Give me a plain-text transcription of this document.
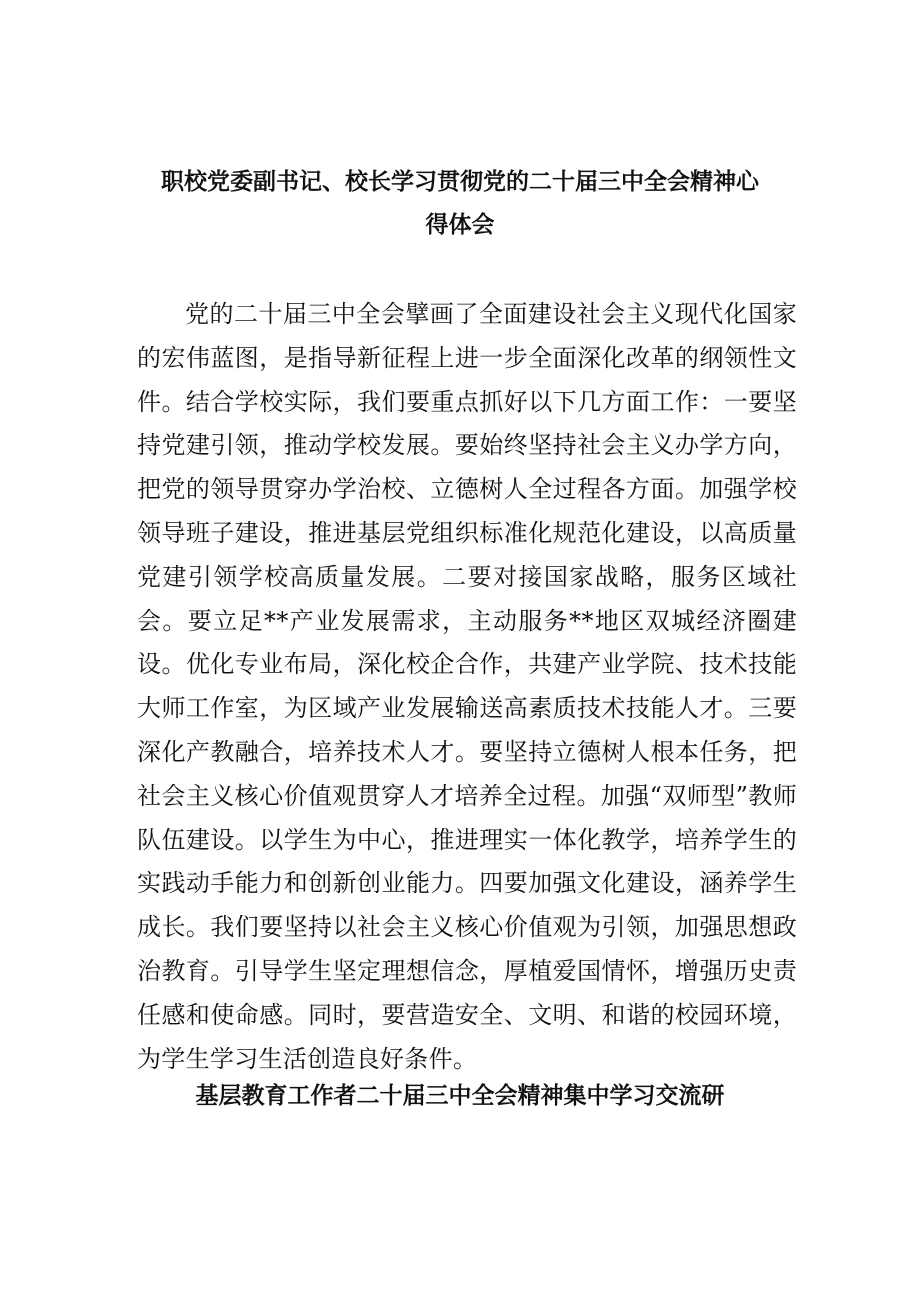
职校党委副书记、校长学习贯彻党的二十届三中全会精神心
得体会

党的二十届三中全会擘画了全面建设社会主义现代化国家的宏伟蓝图，是指导新征程上进一步全面深化改革的纲领性文件。结合学校实际，我们要重点抓好以下几方面工作：一要坚持党建引领，推动学校发展。要始终坚持社会主义办学方向，把党的领导贯穿办学治校、立德树人全过程各方面。加强学校领导班子建设，推进基层党组织标准化规范化建设，以高质量党建引领学校高质量发展。二要对接国家战略，服务区域社会。要立足**产业发展需求，主动服务**地区双城经济圈建设。优化专业布局，深化校企合作，共建产业学院、技术技能大师工作室，为区域产业发展输送高素质技术技能人才。三要深化产教融合，培养技术人才。要坚持立德树人根本任务，把社会主义核心价值观贯穿人才培养全过程。加强“双师型”教师队伍建设。以学生为中心，推进理实一体化教学，培养学生的实践动手能力和创新创业能力。四要加强文化建设，涵养学生成长。我们要坚持以社会主义核心价值观为引领，加强思想政治教育。引导学生坚定理想信念，厚植爱国情怀，增强历史责任感和使命感。同时，要营造安全、文明、和谐的校园环境，为学生学习生活创造良好条件。

基层教育工作者二十届三中全会精神集中学习交流研
